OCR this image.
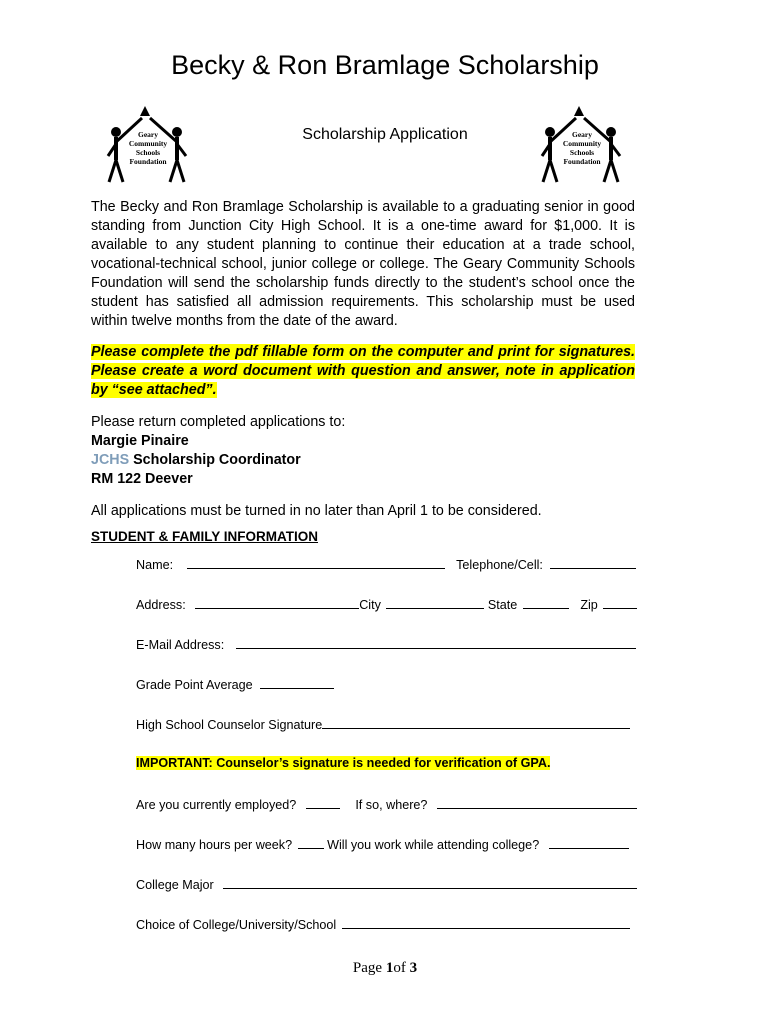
Becky & Ron Bramlage Scholarship
Geary
Community
Schools
Foundation
Scholarship Application	Geary
Community
Schools
Foundation
The Becky and Ron Bramlage Scholarship is available to a graduating senior in good standing from Junction City High School. It is a one-time award for $1,000. It is available to any student planning to continue their education at a trade school, vocational-technical school, junior college or college. The Geary Community Schools Foundation will send the scholarship funds directly to the student’s school once the student has satisfied all admission requirements. This scholarship must be used within twelve months from the date of the award.
Please complete the pdf fillable form on the computer and print for signatures. Please create a word document with question and answer, note in application by “see attached”.
Please return completed applications to:
Margie Pinaire
JCHS Scholarship Coordinator
RM 122 Deever
All applications must be turned in no later than April 1 to be considered.
STUDENT & FAMILY INFORMATION
Name:	Telephone/Cell:
Address:	City	State	Zip
E-Mail Address:
Grade Point Average
High School Counselor Signature
IMPORTANT: Counselor’s signature is needed for verification of GPA.
Are you currently employed?	If so, where?
How many hours per week?	Will you work while attending college?
College Major
Choice of College/University/School
Page 1of 3
